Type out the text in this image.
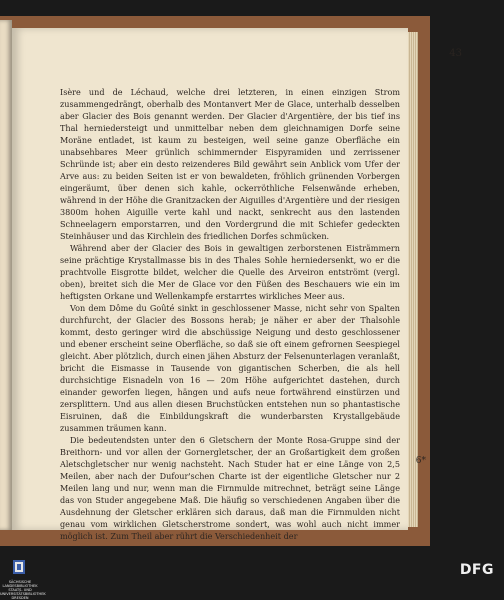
43

Isère und de Léchaud, welche drei letzteren, in einen einzigen Strom zusammengedrängt, oberhalb des Montanvert Mer de Glace, unterhalb desselben aber Glacier des Bois genannt werden. Der Glacier d'Argentière, der bis tief ins Thal herniedersteigt und unmittelbar neben dem gleichnamigen Dorfe seine Moräne entladet, ist kaum zu besteigen, weil seine ganze Oberfläche ein unabsehbares Meer grünlich schimmernder Eispyramiden und zerrissener Schründe ist; aber ein desto reizenderes Bild gewährt sein Anblick vom Ufer der Arve aus: zu beiden Seiten ist er von bewaldeten, fröhlich grünenden Vorbergen eingeräumt, über denen sich kahle, ockerröthliche Felsenwände erheben, während in der Höhe die Granitzacken der Aiguilles d'Argentière und der riesigen 3800m hohen Aiguille verte kahl und nackt, senkrecht aus den lastenden Schneelagern emporstarren, und den Vordergrund die mit Schiefer gedeckten Steinhäuser und das Kirchlein des friedlichen Dorfes schmücken.

Während aber der Glacier des Bois in gewaltigen zerborstenen Eisträmmern seine prächtige Krystallmasse bis in des Thales Sohle herniedersenkt, wo er die prachtvolle Eisgrotte bildet, welcher die Quelle des Arveiron entströmt (vergl. oben), breitet sich die Mer de Glace vor den Füßen des Beschauers wie ein im heftigsten Orkane und Wellenkampfe erstarrtes wirkliches Meer aus.

Von dem Dôme du Goûté sinkt in geschlossener Masse, nicht sehr von Spalten durchfurcht, der Glacier des Bossons herab; je näher er aber der Thalsohle kommt, desto geringer wird die abschüssige Neigung und desto geschlossener und ebener erscheint seine Oberfläche, so daß sie oft einem gefrornen Seespiegel gleicht. Aber plötzlich, durch einen jähen Absturz der Felsenunterlagen veranlaßt, bricht die Eismasse in Tausende von gigantischen Scherben, die als hell durchsichtige Eisnadeln von 16 — 20m Höhe aufgerichtet dastehen, durch einander geworfen liegen, hängen und aufs neue fortwährend einstürzen und zersplittern. Und aus allen diesen Bruchstücken entstehen nun so phantastische Eisruinen, daß die Einbildungskraft die wunderbarsten Krystallgebäude zusammen träumen kann.

Die bedeutendsten unter den 6 Gletschern der Monte Rosa-Gruppe sind der Breithorn- und vor allen der Gornergletscher, der an Großartigkeit dem großen Aletschgletscher nur wenig nachsteht. Nach Studer hat er eine Länge von 2,5 Meilen, aber nach der Dufour'schen Charte ist der eigentliche Gletscher nur 2 Meilen lang und nur, wenn man die Firnmulde mitrechnet, beträgt seine Länge das von Studer angegebene Maß. Die häufig so verschiedenen Angaben über die Ausdehnung der Gletscher erklären sich daraus, daß man die Firnmulden nicht genau vom wirklichen Gletscherstrome sondert, was wohl auch nicht immer möglich ist. Zum Theil aber rührt die Verschiedenheit der

6*
SÄCHSISCHE LANDESBIBLIOTHEK STAATS- UND UNIVERSITÄTSBIBLIOTHEK DRESDEN
DFG
